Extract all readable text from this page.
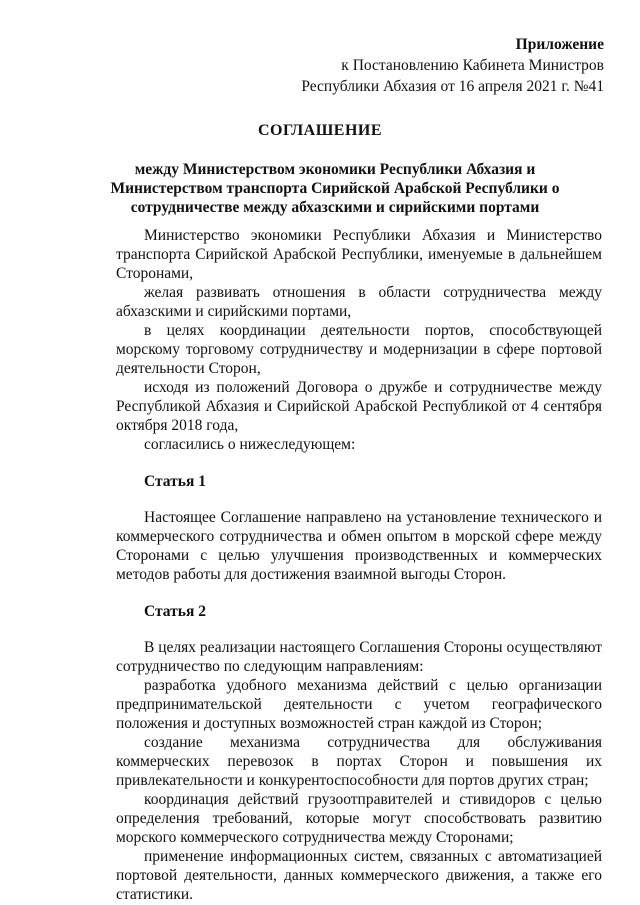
Приложение
к Постановлению Кабинета Министров
Республики Абхазия от 16 апреля 2021 г. №41
СОГЛАШЕНИЕ
между Министерством экономики Республики Абхазия и
Министерством транспорта Сирийской Арабской Республики о
сотрудничестве между абхазскими и сирийскими портами

Министерство экономики Республики Абхазия и Министерство транспорта Сирийской Арабской Республики, именуемые в дальнейшем Сторонами,

желая развивать отношения в области сотрудничества между абхазскими и сирийскими портами,

в целях координации деятельности портов, способствующей морскому торговому сотрудничеству и модернизации в сфере портовой деятельности Сторон,

исходя из положений Договора о дружбе и сотрудничестве между Республикой Абхазия и Сирийской Арабской Республикой от 4 сентября октября 2018 года,

согласились о нижеследующем:

Статья 1

Настоящее Соглашение направлено на установление технического и коммерческого сотрудничества и обмен опытом в морской сфере между Сторонами с целью улучшения производственных и коммерческих методов работы для достижения взаимной выгоды Сторон.

Статья 2

В целях реализации настоящего Соглашения Стороны осуществляют сотрудничество по следующим направлениям:

разработка удобного механизма действий с целью организации предпринимательской деятельности с учетом географического положения и доступных возможностей стран каждой из Сторон;

создание механизма сотрудничества для обслуживания коммерческих перевозок в портах Сторон и повышения их привлекательности и конкурентоспособности для портов других стран;

координация действий грузоотправителей и стивидоров с целью определения требований, которые могут способствовать развитию морского коммерческого сотрудничества между Сторонами;

применение информационных систем, связанных с автоматизацией портовой деятельности, данных коммерческого движения, а также его статистики.
